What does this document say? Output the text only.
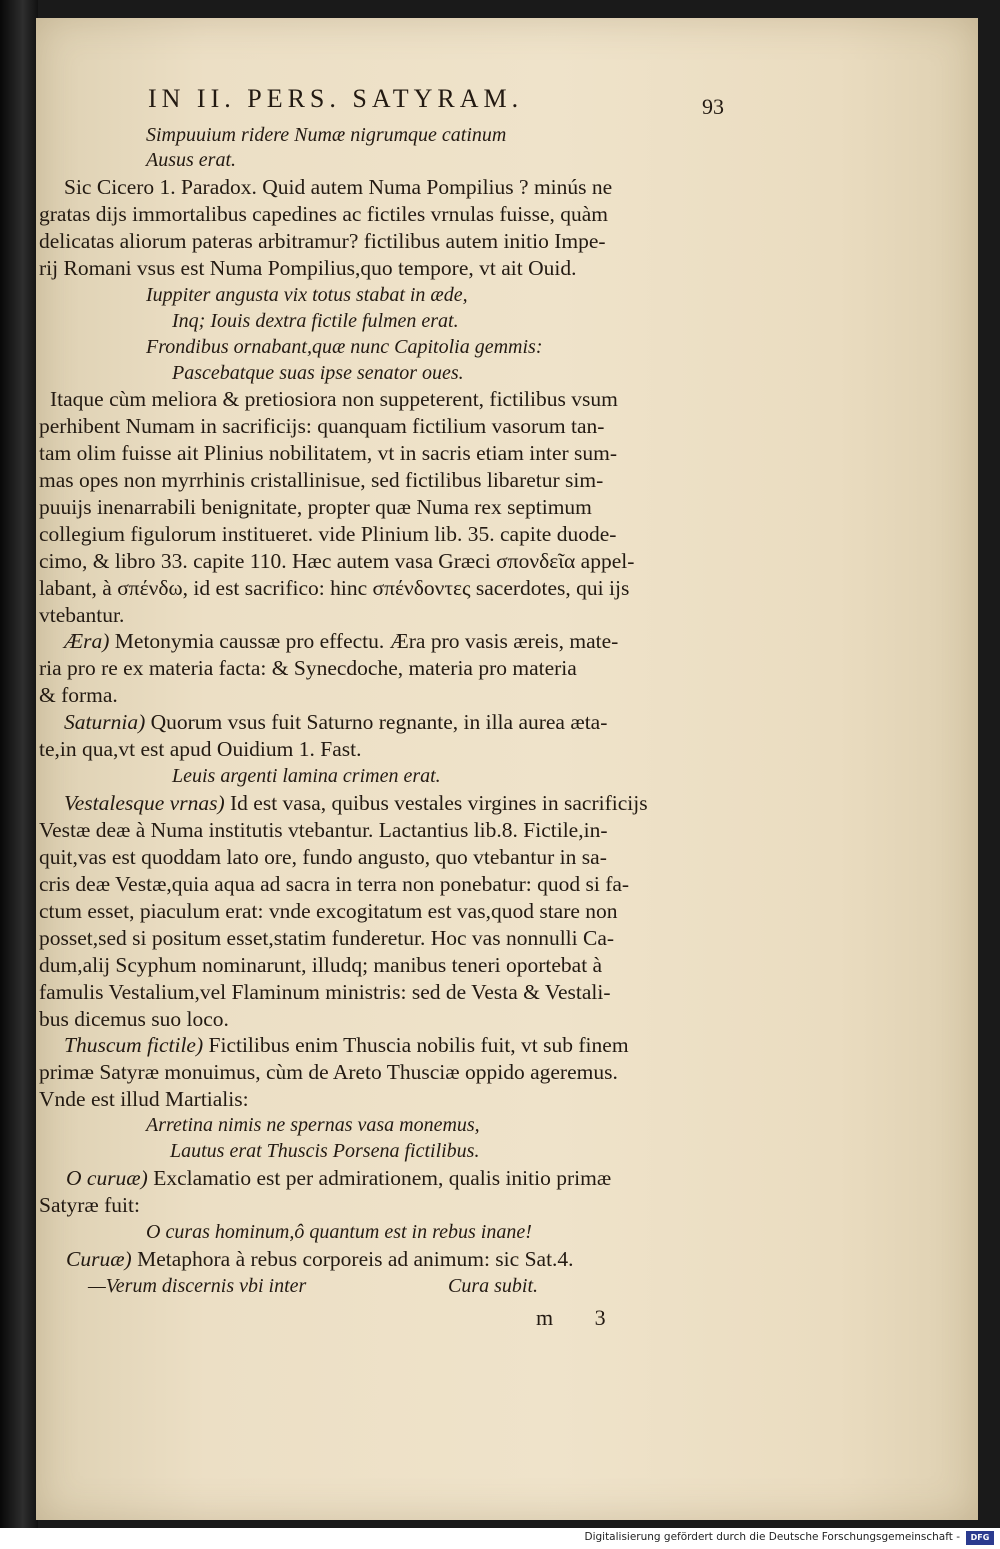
IN II. PERS. SATYRAM.	93
Simpuuium ridere Numæ nigrumque catinum
Ausus erat.
Sic Cicero 1. Paradox. Quid autem Numa Pompilius ? minús ne
gratas dijs immortalibus capedines ac fictiles vrnulas fuisse, quàm
delicatas aliorum pateras arbitramur? fictilibus autem initio Impe-
rij Romani vsus est Numa Pompilius,quo tempore, vt ait Ouid.
Iuppiter angusta vix totus stabat in æde,
Inq; Iouis dextra fictile fulmen erat.
Frondibus ornabant,quæ nunc Capitolia gemmis:
Pascebatque suas ipse senator oues.
Itaque cùm meliora & pretiosiora non suppeterent, fictilibus vsum
perhibent Numam in sacrificijs: quanquam fictilium vasorum tan-
tam olim fuisse ait Plinius nobilitatem, vt in sacris etiam inter sum-
mas opes non myrrhinis cristallinisue, sed fictilibus libaretur sim-
puuijs inenarrabili benignitate, propter quæ Numa rex septimum
collegium figulorum institueret. vide Plinium lib. 35. capite duode-
cimo, & libro 33. capite 110. Hæc autem vasa Græci σπονδεῖα appel-
labant, à σπένδω, id est sacrifico: hinc σπένδοντες sacerdotes, qui ijs
vtebantur.
Æra) Metonymia caussæ pro effectu. Æra pro vasis æreis, mate-
ria pro re ex materia facta: & Synecdoche, materia pro materia
& forma.
Saturnia) Quorum vsus fuit Saturno regnante, in illa aurea æta-
te,in qua,vt est apud Ouidium 1. Fast.
Leuis argenti lamina crimen erat.
Vestalesque vrnas) Id est vasa, quibus vestales virgines in sacrificijs
Vestæ deæ à Numa institutis vtebantur. Lactantius lib.8. Fictile,in-
quit,vas est quoddam lato ore, fundo angusto, quo vtebantur in sa-
cris deæ Vestæ,quia aqua ad sacra in terra non ponebatur: quod si fa-
ctum esset, piaculum erat: vnde excogitatum est vas,quod stare non
posset,sed si positum esset,statim funderetur. Hoc vas nonnulli Ca-
dum,alij Scyphum nominarunt, illudq; manibus teneri oportebat à
famulis Vestalium,vel Flaminum ministris: sed de Vesta & Vestali-
bus dicemus suo loco.
Thuscum fictile) Fictilibus enim Thuscia nobilis fuit, vt sub finem
primæ Satyræ monuimus, cùm de Areto Thusciæ oppido ageremus.
Vnde est illud Martialis:
Arretina nimis ne spernas vasa monemus,
Lautus erat Thuscis Porsena fictilibus.
O curuæ) Exclamatio est per admirationem, qualis initio primæ
Satyræ fuit:
O curas hominum,ô quantum est in rebus inane!
Curuæ) Metaphora à rebus corporeis ad animum: sic Sat.4.
—Verum discernis vbi inter	Cura subit.
m 3
Digitalisierung gefördert durch die Deutsche Forschungsgemeinschaft -	DFG
